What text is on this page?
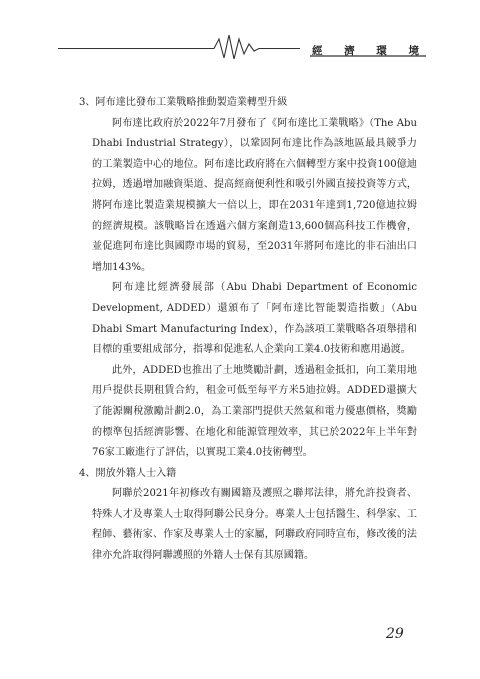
經 濟 環 境
3、阿布達比發布工業戰略推動製造業轉型升級

阿布達比政府於2022年7月發布了《阿布達比工業戰略》（The Abu Dhabi Industrial Strategy），以鞏固阿布達比作為該地區最具競爭力的工業製造中心的地位。阿布達比政府將在六個轉型方案中投資100億迪拉姆，透過增加融資渠道、提高經商便利性和吸引外國直接投資等方式，將阿布達比製造業規模擴大一倍以上，即在2031年達到1,720億迪拉姆的經濟規模。該戰略旨在透過六個方案創造13,600個高科技工作機會，並促進阿布達比與國際市場的貿易，至2031年將阿布達比的非石油出口增加143%。

阿布達比經濟發展部（Abu Dhabi Department of Economic Development, ADDED）還頒布了「阿布達比智能製造指數」（Abu Dhabi Smart Manufacturing Index），作為該項工業戰略各項舉措和目標的重要組成部分，指導和促進私人企業向工業4.0技術和應用過渡。

此外，ADDED也推出了土地獎勵計劃，透過租金抵扣，向工業用地用戶提供長期租賃合約，租金可低至每平方米5迪拉姆。ADDED還擴大了能源關稅激勵計劃2.0，為工業部門提供天然氣和電力優惠價格，獎勵的標準包括經濟影響、在地化和能源管理效率，其已於2022年上半年對76家工廠進行了評估，以實現工業4.0技術轉型。

4、開放外籍人士入籍

阿聯於2021年初修改有關國籍及護照之聯邦法律，將允許投資者、特殊人才及專業人士取得阿聯公民身分。專業人士包括醫生、科學家、工程師、藝術家、作家及專業人士的家屬，阿聯政府同時宣布，修改後的法律亦允許取得阿聯護照的外籍人士保有其原國籍。

29
